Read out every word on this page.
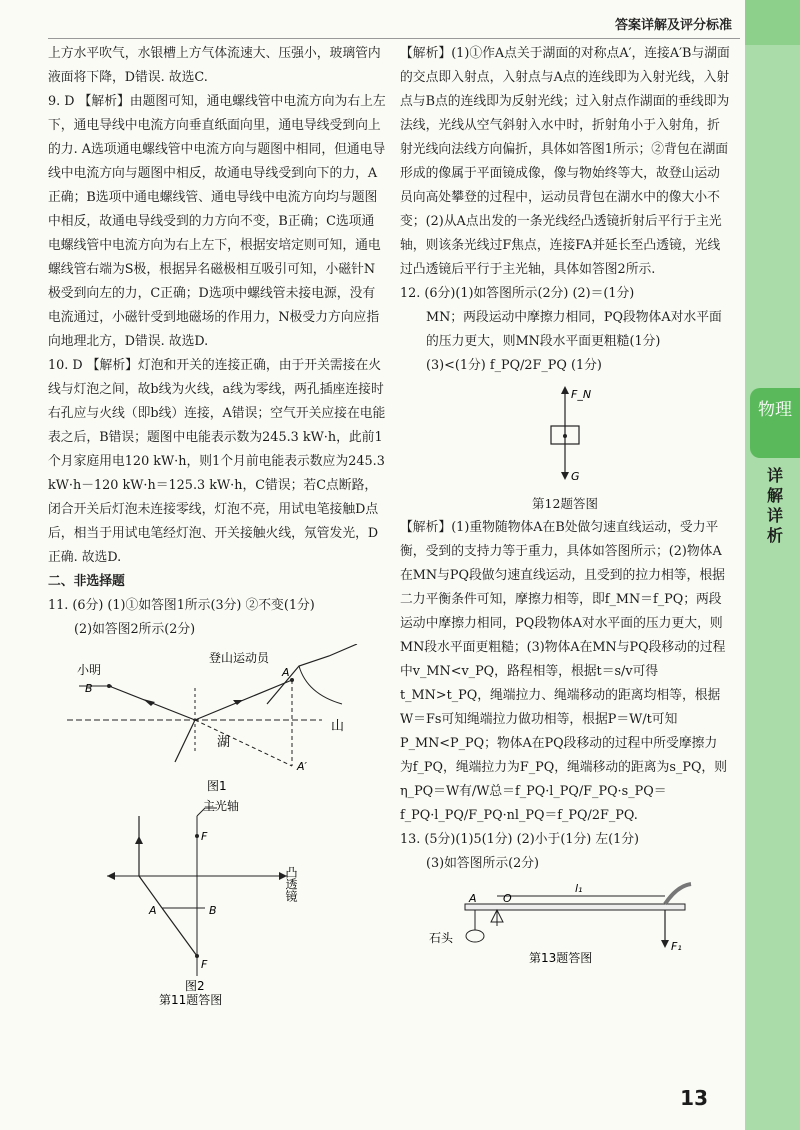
物理
详解详析
答案详解及评分标准

上方水平吹气，水银槽上方气体流速大、压强小，玻璃管内液面将下降，D错误. 故选C.

9. D 【解析】由题图可知，通电螺线管中电流方向为右上左下，通电导线中电流方向垂直纸面向里，通电导线受到向上的力. A选项通电螺线管中电流方向与题图中相同，但通电导线中电流方向与题图中相反，故通电导线受到向下的力，A正确；B选项中通电螺线管、通电导线中电流方向均与题图中相反，故通电导线受到的力方向不变，B正确；C选项通电螺线管中电流方向为右上左下，根据安培定则可知，通电螺线管右端为S极，根据异名磁极相互吸引可知，小磁针N极受到向左的力，C正确；D选项中螺线管未接电源，没有电流通过，小磁针受到地磁场的作用力，N极受力方向应指向地理北方，D错误. 故选D.

10. D 【解析】灯泡和开关的连接正确，由于开关需接在火线与灯泡之间，故b线为火线，a线为零线，两孔插座连接时右孔应与火线（即b线）连接，A错误；空气开关应接在电能表之后，B错误；题图中电能表示数为245.3 kW·h，此前1个月家庭用电120 kW·h，则1个月前电能表示数应为245.3 kW·h－120 kW·h＝125.3 kW·h，C错误；若C点断路，闭合开关后灯泡未连接零线，灯泡不亮，用试电笔接触D点后，相当于用试电笔经灯泡、开关接触火线，氖管发光，D正确. 故选D.

二、非选择题

11. (6分) (1)①如答图1所示(3分) ②不变(1分)

(2)如答图2所示(2分)

登山运动员
小明
B
A
A′
湖
山
图1
主光轴
F
F
A	B
凸透镜
图2
第11题答图

【解析】(1)①作A点关于湖面的对称点A′，连接A′B与湖面的交点即入射点，入射点与A点的连线即为入射光线，入射点与B点的连线即为反射光线；过入射点作湖面的垂线即为法线，光线从空气斜射入水中时，折射角小于入射角，折射光线向法线方向偏折，具体如答图1所示；②背包在湖面形成的像属于平面镜成像，像与物始终等大，故登山运动员向高处攀登的过程中，运动员背包在湖水中的像大小不变；(2)从A点出发的一条光线经凸透镜折射后平行于主光轴，则该条光线过F焦点，连接FA并延长至凸透镜，光线过凸透镜后平行于主光轴，具体如答图2所示.

12. (6分)(1)如答图所示(2分) (2)＝(1分)

MN；两段运动中摩擦力相同，PQ段物体A对水平面的压力更大，则MN段水平面更粗糙(1分)

(3)<(1分) f_PQ/2F_PQ (1分)

F_N
G

第12题答图

【解析】(1)重物随物体A在B处做匀速直线运动，受力平衡，受到的支持力等于重力，具体如答图所示；(2)物体A在MN与PQ段做匀速直线运动，且受到的拉力相等，根据二力平衡条件可知，摩擦力相等，即f_MN＝f_PQ；两段运动中摩擦力相同，PQ段物体A对水平面的压力更大，则MN段水平面更粗糙；(3)物体A在MN与PQ段移动的过程中v_MN<v_PQ，路程相等，根据t＝s/v可得t_MN>t_PQ，绳端拉力、绳端移动的距离均相等，根据W＝Fs可知绳端拉力做功相等，根据P＝W/t可知P_MN<P_PQ；物体A在PQ段移动的过程中所受摩擦力为f_PQ，绳端拉力为F_PQ，绳端移动的距离为s_PQ，则η_PQ＝W有/W总＝f_PQ·l_PQ/F_PQ·s_PQ＝f_PQ·l_PQ/F_PQ·nl_PQ＝f_PQ/2F_PQ.

13. (5分)(1)5(1分) (2)小于(1分) 左(1分)

(3)如答图所示(2分)

l₁
A O
F₁
石头
第13题答图
13
